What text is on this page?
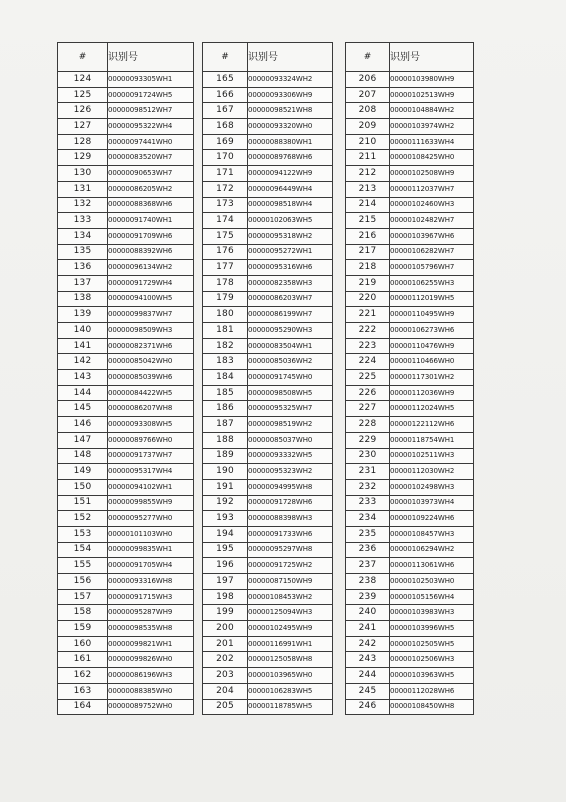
#	识别号
124	00000093305WH1
125	00000091724WH5
126	00000098512WH7
127	00000095322WH4
128	00000097441WH0
129	00000083520WH7
130	00000090653WH7
131	00000086205WH2
132	00000088368WH6
133	00000091740WH1
134	00000091709WH6
135	00000088392WH6
136	00000096134WH2
137	00000091729WH4
138	00000094100WH5
139	00000099837WH7
140	00000098509WH3
141	00000082371WH6
142	00000085042WH0
143	00000085039WH6
144	00000084422WH5
145	00000086207WH8
146	00000093308WH5
147	00000089766WH0
148	00000091737WH7
149	00000095317WH4
150	00000094102WH1
151	00000099855WH9
152	00000095277WH0
153	00000101103WH0
154	00000099835WH1
155	00000091705WH4
156	00000093316WH8
157	00000091715WH3
158	00000095287WH9
159	00000098535WH8
160	00000099821WH1
161	00000099826WH0
162	00000086196WH3
163	00000088385WH0
164	00000089752WH0
#	识别号
165	00000093324WH2
166	00000093306WH9
167	00000098521WH8
168	00000093320WH0
169	00000088380WH1
170	00000089768WH6
171	00000094122WH9
172	00000096449WH4
173	00000098518WH4
174	00000102063WH5
175	00000095318WH2
176	00000095272WH1
177	00000095316WH6
178	00000082358WH3
179	00000086203WH7
180	00000086199WH7
181	00000095290WH3
182	00000083504WH1
183	00000085036WH2
184	00000091745WH0
185	00000098508WH5
186	00000095325WH7
187	00000098519WH2
188	00000085037WH0
189	00000093332WH5
190	00000095323WH2
191	00000094995WH8
192	00000091728WH6
193	00000088398WH3
194	00000091733WH6
195	00000095297WH8
196	00000091725WH2
197	00000087150WH9
198	00000108453WH2
199	00000125094WH3
200	00000102495WH9
201	00000116991WH1
202	00000125058WH8
203	00000103965WH0
204	00000106283WH5
205	00000118785WH5
#	识别号
206	00000103980WH9
207	00000102513WH9
208	00000104884WH2
209	00000103974WH2
210	00000111633WH4
211	00000108425WH0
212	00000102508WH9
213	00000112037WH7
214	00000102460WH3
215	00000102482WH7
216	00000103967WH6
217	00000106282WH7
218	00000105796WH7
219	00000106255WH3
220	00000112019WH5
221	00000110495WH9
222	00000106273WH6
223	00000110476WH9
224	00000110466WH0
225	00000117301WH2
226	00000112036WH9
227	00000112024WH5
228	00000122112WH6
229	00000118754WH1
230	00000102511WH3
231	00000112030WH2
232	00000102498WH3
233	00000103973WH4
234	00000109224WH6
235	00000108457WH3
236	00000106294WH2
237	00000113061WH6
238	00000102503WH0
239	00000105156WH4
240	00000103983WH3
241	00000103996WH5
242	00000102505WH5
243	00000102506WH3
244	00000103963WH5
245	00000112028WH6
246	00000108450WH8
